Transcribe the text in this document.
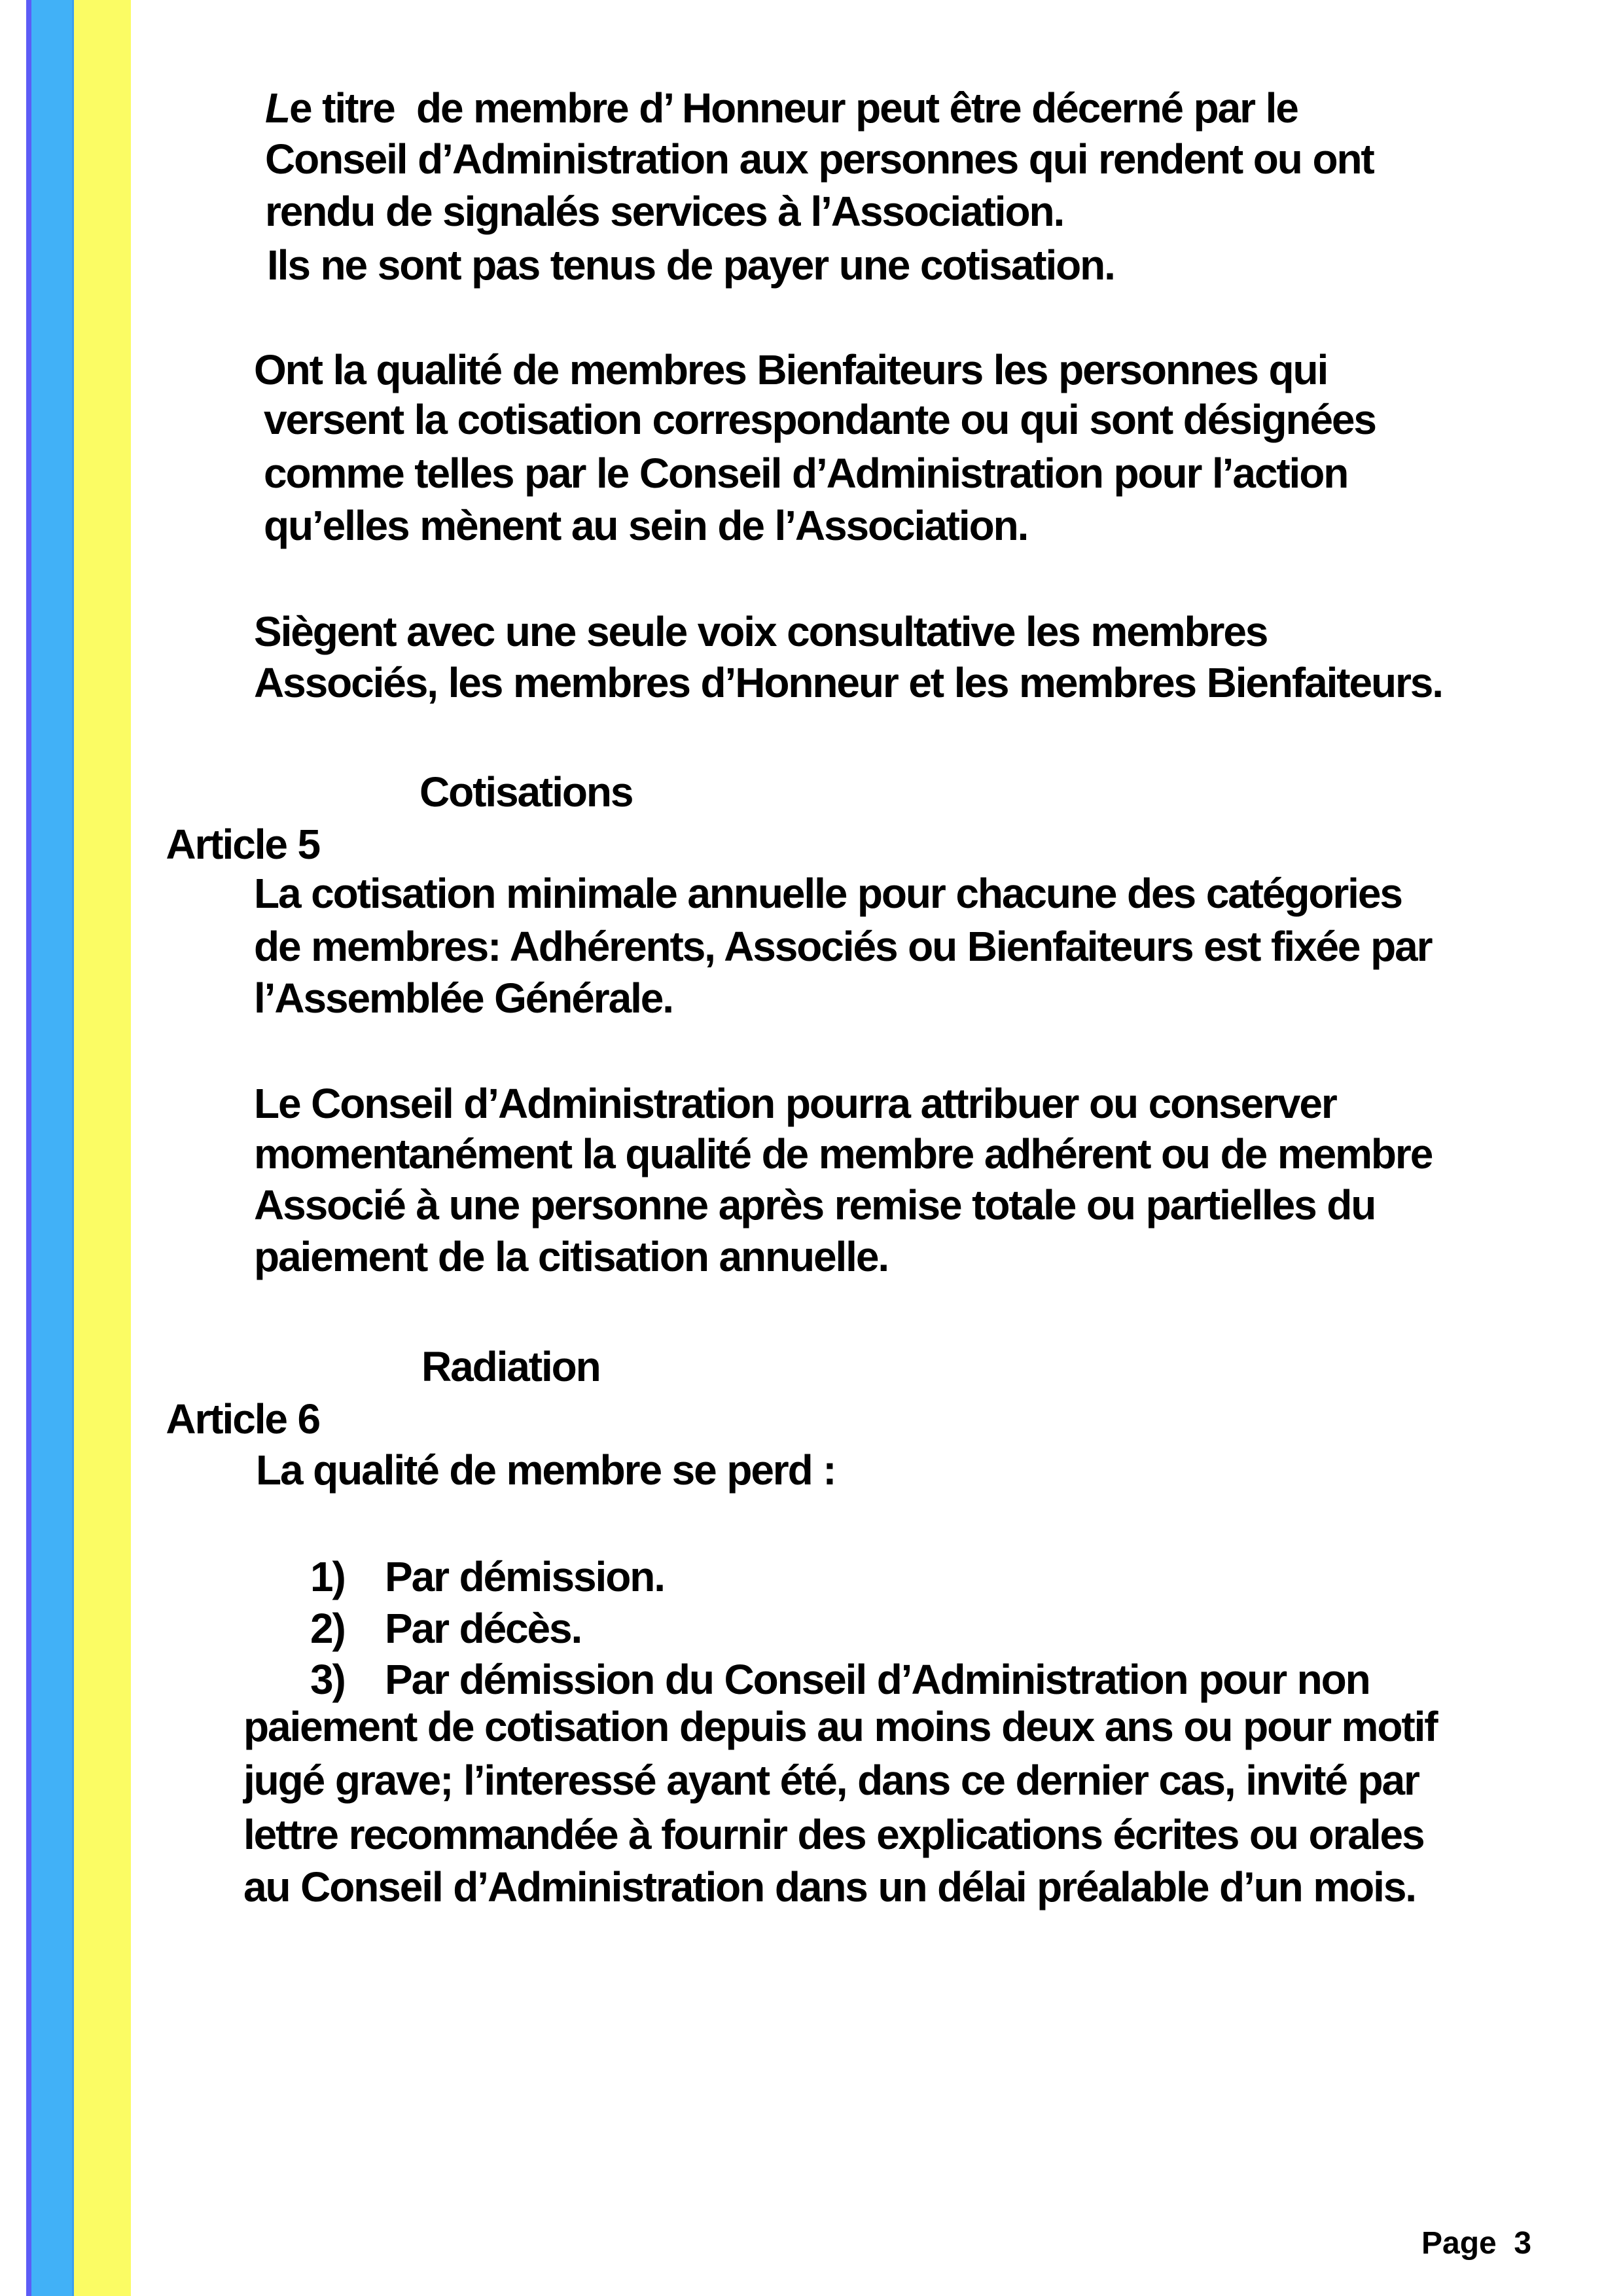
Le titre  de membre d’ Honneur peut être décerné par le
Conseil d’Administration aux personnes qui rendent ou ont
rendu de signalés services à l’Association.
Ils ne sont pas tenus de payer une cotisation.
Ont la qualité de membres Bienfaiteurs les personnes qui
versent la cotisation correspondante ou qui sont désignées
comme telles par le Conseil d’Administration pour l’action
qu’elles mènent au sein de l’Association.
Siègent avec une seule voix consultative les membres
Associés, les membres d’Honneur et les membres Bienfaiteurs.

Article 5

Cotisations

La cotisation minimale annuelle pour chacune des catégories
de membres: Adhérents, Associés ou Bienfaiteurs est fixée par
l’Assemblée Générale.
Le Conseil d’Administration pourra attribuer ou conserver
momentanément la qualité de membre adhérent ou de membre
Associé à une personne après remise totale ou partielles du
paiement de la citisation annuelle.

Article 6

Radiation

La qualité de membre se perd :

1)

Par démission.

2)

Par décès.

3)

Par démission du Conseil d’Administration pour non

paiement de cotisation depuis au moins deux ans ou pour motif
jugé grave; l’interessé ayant été, dans ce dernier cas, invité par
lettre recommandée à fournir des explications écrites ou orales
au Conseil d’Administration dans un délai préalable d’un mois.
Page  3
